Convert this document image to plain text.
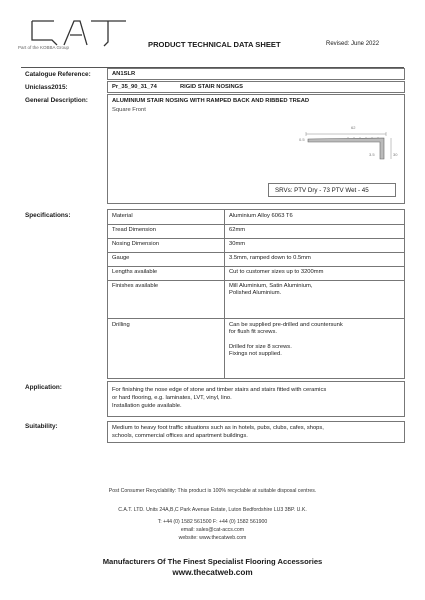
Part of the KOBBA Group	PRODUCT TECHNICAL DATA SHEET	Revised: June 2022
Catalogue Reference:	AN1SLR
Uniclass2015:	Pr_35_90_31_74	RIGID STAIR NOSINGS
General Description:	ALUMINIUM STAIR NOSING WITH RAMPED BACK AND RIBBED TREAD
Square Front
62
0.5
3.5	30
SRVs: PTV Dry - 73 PTV Wet - 45
Specifications:	Material	Aluminium Alloy 6063 T6
Tread Dimension	62mm
Nosing Dimension	30mm
Gauge	3.5mm, ramped down to 0.5mm
Lengths available	Cut to customer sizes up to 3200mm
Finishes available	Mill Aluminium, Satin Aluminium,
Polished Aluminium.
Drilling	Can be supplied pre-drilled and countersunk
for flush fit screws.
Drilled for size 8 screws.
Fixings not supplied.
Application:	For finishing the nose edge of stone and timber stairs and stairs fitted with ceramics
or hard flooring, e.g. laminates, LVT, vinyl, lino.
Installation guide available.
Suitability:	Medium to heavy foot traffic situations such as in hotels, pubs, clubs, cafes, shops,
schools, commercial offices and apartment buildings.
Post Consumer Recyclability: This product is 100% recyclable at suitable disposal centres.
C.A.T. LTD. Units 24A,B,C Park Avenue Estate, Luton Bedfordshire LU3 3BP. U.K.
T: +44 (0) 1582 561500 F: +44 (0) 1582 561900
email: sales@cat-accs.com
website: www.thecatweb.com
Manufacturers Of The Finest Specialist Flooring Accessories
www.thecatweb.com
